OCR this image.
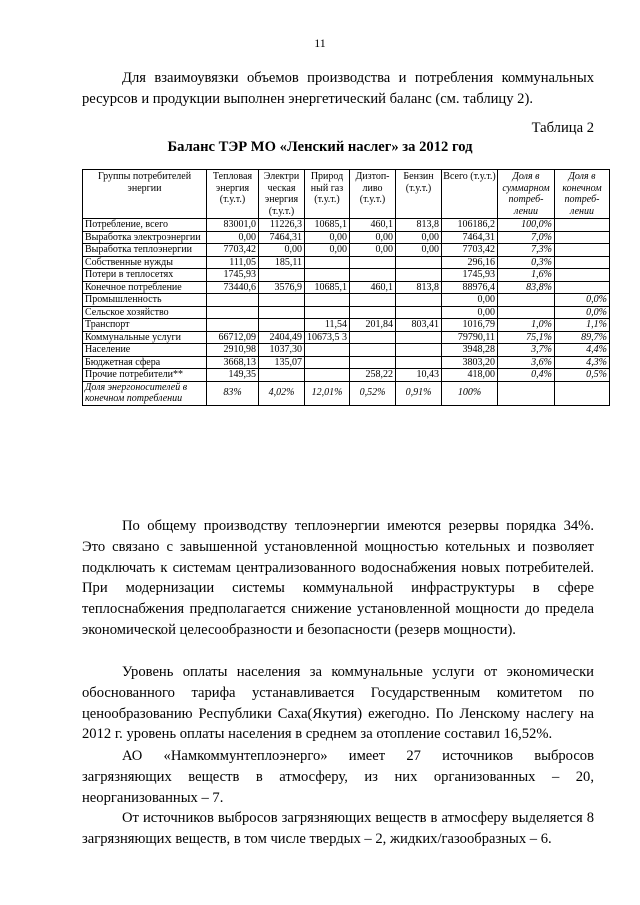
11

Для взаимоувязки объемов производства и потребления коммунальных ресурсов и продукции выполнен энергетический баланс (см. таблицу 2).

Таблица 2
Баланс ТЭР МО «Ленский наслег» за 2012 год
Группы потребителей энергии	Тепловая энергия (т.у.т.)	Электри ческая энергия (т.у.т.)	Природ ный газ (т.у.т.)	Дизтоп- ливо (т.у.т.)	Бензин (т.у.т.)	Всего (т.у.т.)	Доля в суммарном потреб- лении	Доля в конечном потреб- лении
Потребление, всего	83001,0	11226,3	10685,1	460,1	813,8	106186,2	100,0%	
Выработка электроэнергии	0,00	7464,31	0,00	0,00	0,00	7464,31	7,0%	
Выработка теплоэнергии	7703,42	0,00	0,00	0,00	0,00	7703,42	7,3%	
Собственные нужды	111,05	185,11				296,16	0,3%	
Потери в теплосетях	1745,93					1745,93	1,6%	
Конечное потребление	73440,6	3576,9	10685,1	460,1	813,8	88976,4	83,8%	
Промышленность						0,00		0,0%
Сельское хозяйство						0,00		0,0%
Транспорт			11,54	201,84	803,41	1016,79	1,0%	1,1%
Коммунальные услуги	66712,09	2404,49	10673,5 3			79790,11	75,1%	89,7%
Население	2910,98	1037,30				3948,28	3,7%	4,4%
Бюджетная сфера	3668,13	135,07				3803,20	3,6%	4,3%
Прочие потребители**	149,35			258,22	10,43	418,00	0,4%	0,5%
Доля энергоносителей в конечном потреблении	83%	4,02%	12,01%	0,52%	0,91%	100%		

По общему производству теплоэнергии имеются резервы порядка 34%. Это связано с завышенной установленной мощностью котельных и позволяет подключать к системам централизованного водоснабжения новых потребителей. При модернизации системы коммунальной инфраструктуры в сфере теплоснабжения предполагается снижение установленной мощности до предела экономической целесообразности и безопасности (резерв мощности).

Уровень оплаты населения за коммунальные услуги от экономически обоснованного тарифа устанавливается Государственным комитетом по ценообразованию Республики Саха(Якутия) ежегодно. По Ленскому наслегу на 2012 г. уровень оплаты населения в среднем за отопление составил 16,52%.

АО «Намкоммунтеплоэнерго» имеет 27 источников выбросов загрязняющих веществ в атмосферу, из них организованных – 20, неорганизованных – 7.

От источников выбросов загрязняющих веществ в атмосферу выделяется 8 загрязняющих веществ, в том числе твердых – 2, жидких/газообразных – 6.
